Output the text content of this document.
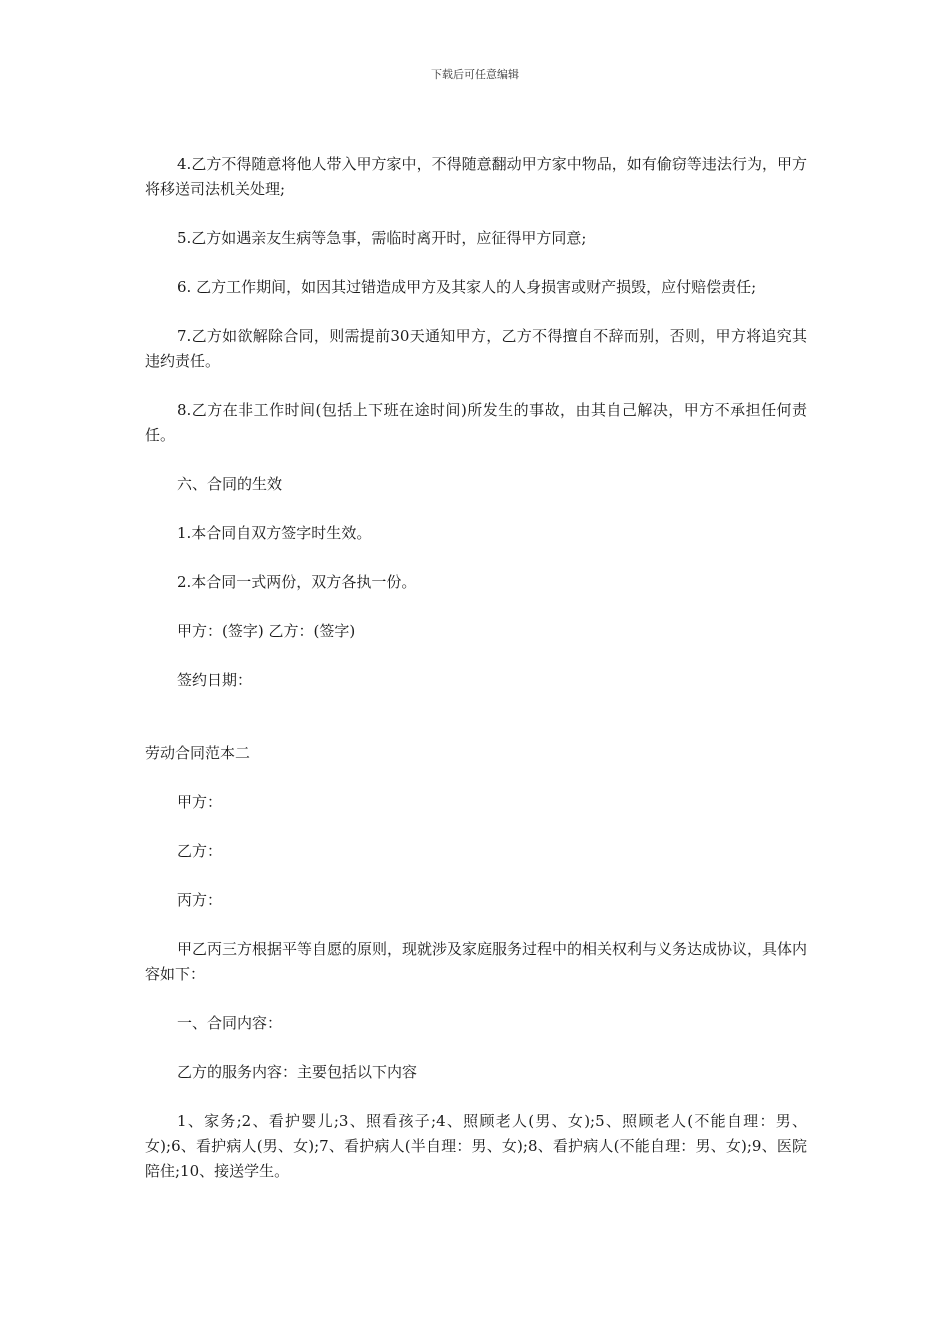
下载后可任意编辑

4.乙方不得随意将他人带入甲方家中，不得随意翻动甲方家中物品，如有偷窃等违法行为，甲方将移送司法机关处理;

5.乙方如遇亲友生病等急事，需临时离开时，应征得甲方同意;

6. 乙方工作期间，如因其过错造成甲方及其家人的人身损害或财产损毁，应付赔偿责任;

7.乙方如欲解除合同，则需提前30天通知甲方，乙方不得擅自不辞而别，否则，甲方将追究其违约责任。

8.乙方在非工作时间(包括上下班在途时间)所发生的事故，由其自己解决，甲方不承担任何责任。

六、合同的生效

1.本合同自双方签字时生效。

2.本合同一式两份，双方各执一份。

甲方：(签字) 乙方：(签字)

签约日期：

劳动合同范本二

甲方：

乙方：

丙方：

甲乙丙三方根据平等自愿的原则，现就涉及家庭服务过程中的相关权利与义务达成协议，具体内容如下：

一、合同内容：

乙方的服务内容：主要包括以下内容

1、家务;2、看护婴儿;3、照看孩子;4、照顾老人(男、女);5、照顾老人(不能自理：男、女);6、看护病人(男、女);7、看护病人(半自理：男、女);8、看护病人(不能自理：男、女);9、医院陪住;10、接送学生。
